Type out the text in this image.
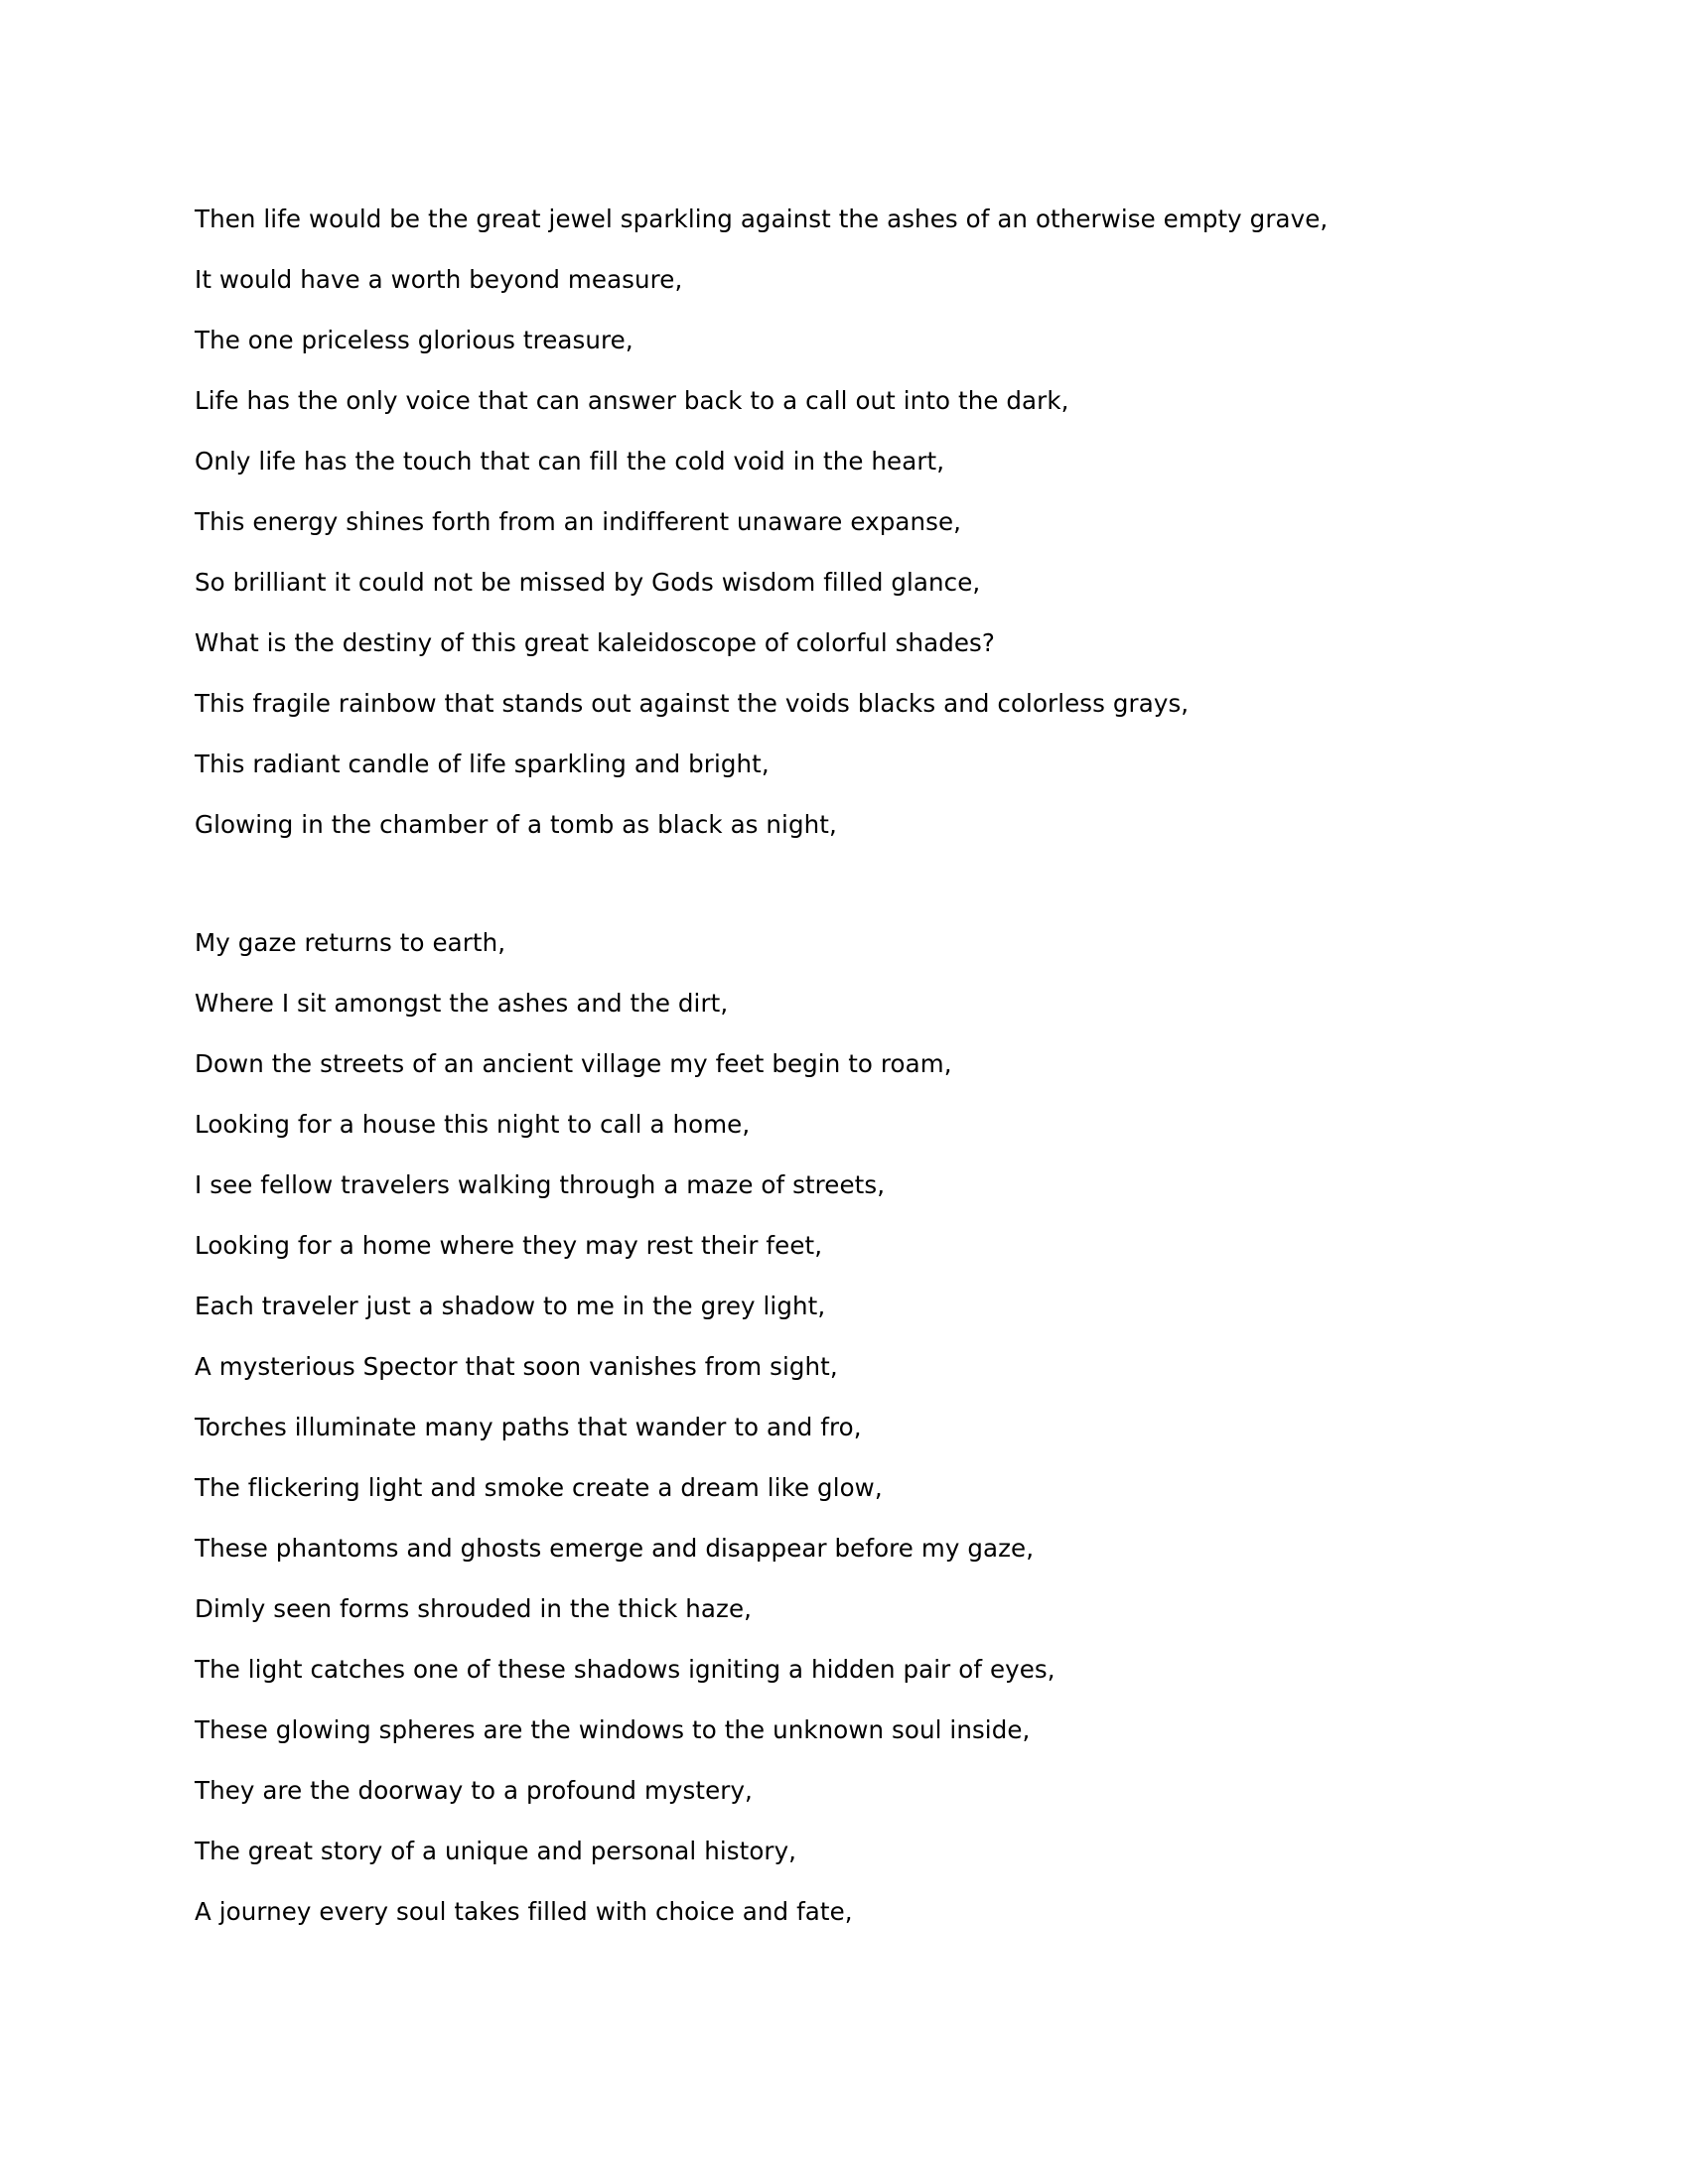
Then life would be the great jewel sparkling against the ashes of an otherwise empty grave,
It would have a worth beyond measure,
The one priceless glorious treasure,
Life has the only voice that can answer back to a call out into the dark,
Only life has the touch that can fill the cold void in the heart,
This energy shines forth from an indifferent unaware expanse,
So brilliant it could not be missed by Gods wisdom filled glance,
What is the destiny of this great kaleidoscope of colorful shades?
This fragile rainbow that stands out against the voids blacks and colorless grays,
This radiant candle of life sparkling and bright,
Glowing in the chamber of a tomb as black as night,
My gaze returns to earth,
Where I sit amongst the ashes and the dirt,
Down the streets of an ancient village my feet begin to roam,
Looking for a house this night to call a home,
I see fellow travelers walking through a maze of streets,
Looking for a home where they may rest their feet,
Each traveler just a shadow to me in the grey light,
A mysterious Spector that soon vanishes from sight,
Torches illuminate many paths that wander to and fro,
The flickering light and smoke create a dream like glow,
These phantoms and ghosts emerge and disappear before my gaze,
Dimly seen forms shrouded in the thick haze,
The light catches one of these shadows igniting a hidden pair of eyes,
These glowing spheres are the windows to the unknown soul inside,
They are the doorway to a profound mystery,
The great story of a unique and personal history,
A journey every soul takes filled with choice and fate,
